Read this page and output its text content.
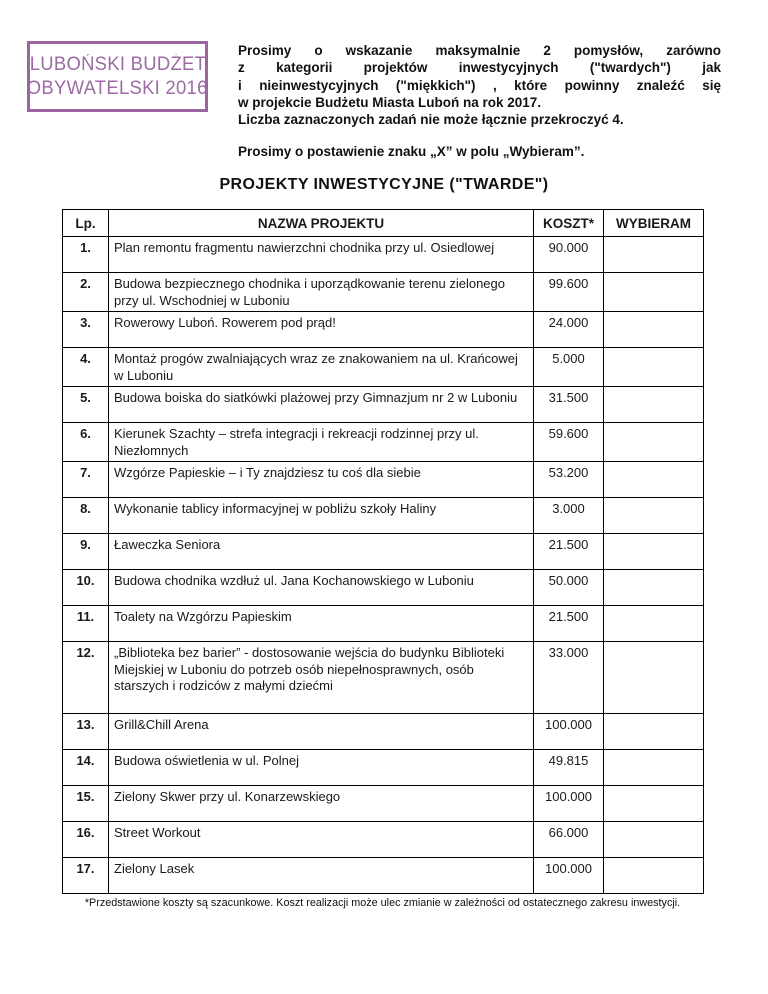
LUBOŃSKI BUDŻET
OBYWATELSKI 2016
Prosimy o wskazanie maksymalnie 2 pomysłów, zarówno
z kategorii projektów inwestycyjnych ("twardych") jak
i nieinwestycyjnych ("miękkich") , które powinny znaleźć się
w projekcie Budżetu Miasta Luboń na rok 2017.
Liczba zaznaczonych zadań nie może łącznie przekroczyć 4.
Prosimy o postawienie znaku „X” w polu „Wybieram”.
PROJEKTY INWESTYCYJNE ("TWARDE")
Lp.	NAZWA PROJEKTU	KOSZT*	WYBIERAM
1.	Plan remontu fragmentu nawierzchni chodnika przy ul. Osiedlowej	90.000	
2.	Budowa bezpiecznego chodnika i uporządkowanie terenu zielonego przy ul. Wschodniej w Luboniu	99.600	
3.	Rowerowy Luboń. Rowerem pod prąd!	24.000	
4.	Montaż progów zwalniających wraz ze znakowaniem na ul. Krańcowej w Luboniu	5.000	
5.	Budowa boiska do siatkówki plażowej przy Gimnazjum nr 2 w Luboniu	31.500	
6.	Kierunek Szachty – strefa integracji i rekreacji rodzinnej przy ul. Niezłomnych	59.600	
7.	Wzgórze Papieskie – i Ty znajdziesz tu coś dla siebie	53.200	
8.	Wykonanie tablicy informacyjnej w pobliżu szkoły Haliny	3.000	
9.	Ławeczka Seniora	21.500	
10.	Budowa chodnika wzdłuż ul. Jana Kochanowskiego w Luboniu	50.000	
11.	Toalety na Wzgórzu Papieskim	21.500	
12.	„Biblioteka bez barier” - dostosowanie wejścia do budynku Biblioteki Miejskiej w Luboniu do potrzeb osób niepełnosprawnych, osób starszych i rodziców z małymi dziećmi	33.000	
13.	Grill&Chill Arena	100.000	
14.	Budowa oświetlenia w ul. Polnej	49.815	
15.	Zielony Skwer przy ul. Konarzewskiego	100.000	
16.	Street Workout	66.000	
17.	Zielony Lasek	100.000	
*Przedstawione koszty są szacunkowe. Koszt realizacji może ulec zmianie w zależności od ostatecznego zakresu inwestycji.
